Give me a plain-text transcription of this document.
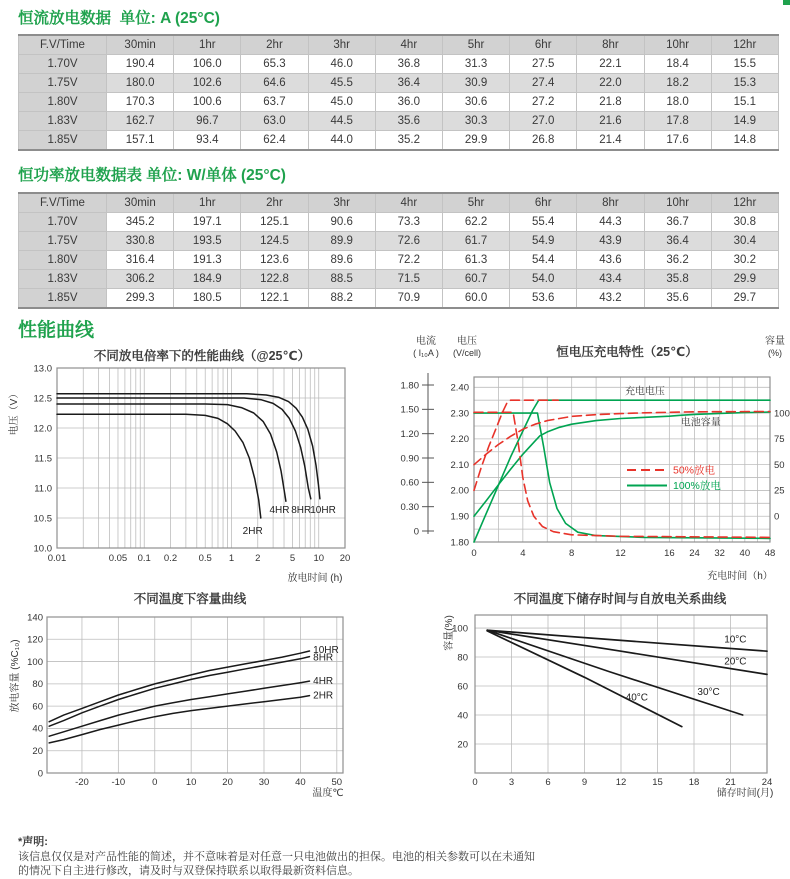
恒流放电数据  单位: A (25°C)
F.V/Time	30min	1hr	2hr	3hr	4hr	5hr	6hr	8hr	10hr	12hr
1.70V	190.4	106.0	65.3	46.0	36.8	31.3	27.5	22.1	18.4	15.5
1.75V	180.0	102.6	64.6	45.5	36.4	30.9	27.4	22.0	18.2	15.3
1.80V	170.3	100.6	63.7	45.0	36.0	30.6	27.2	21.8	18.0	15.1
1.83V	162.7	96.7	63.0	44.5	35.6	30.3	27.0	21.6	17.8	14.9
1.85V	157.1	93.4	62.4	44.0	35.2	29.9	26.8	21.4	17.6	14.8
恒功率放电数据表 单位: W/单体 (25°C)
F.V/Time	30min	1hr	2hr	3hr	4hr	5hr	6hr	8hr	10hr	12hr
1.70V	345.2	197.1	125.1	90.6	73.3	62.2	55.4	44.3	36.7	30.8
1.75V	330.8	193.5	124.5	89.9	72.6	61.7	54.9	43.9	36.4	30.4
1.80V	316.4	191.3	123.6	89.6	72.2	61.3	54.4	43.6	36.2	30.2
1.83V	306.2	184.9	122.8	88.5	71.5	60.7	54.0	43.4	35.8	29.9
1.85V	299.3	180.5	122.1	88.2	70.9	60.0	53.6	43.2	35.6	29.7
性能曲线
0.01	0.05 0.1 0.2 0.5 1 2	5 10 20
13.0
12.5
12.0
11.5
11.0
10.5
10.0
不同放电倍率下的性能曲线（@25℃）
放电时间 (h)
电压（V）
2HR
4HR 8HR 10HR
0	4	8	12	16 24 32 40 48
2.40
2.30
2.20
2.10
2.00
1.90
1.80
恒电压充电特性（25℃）
充电时间（h）
充电电压
电池容量
0
0.30
0.60
0.90
1.20
1.50
1.80
电流
( I₁₀A )
电压
(V/cell)
容量
(%)
100
75
50
25
0
50%放电
100%放电
-20 -10	0	10	20	30	40	50
140
120
100
80
60
40
20
0
不同温度下容量曲线
温度℃
放电容量 (%C₁₀)	10HR
8HR
4HR
2HR
0	3	6	9	12	15	18	21	24
100
80
60
40
20
不同温度下储存时间与自放电关系曲线
储存时间(月)
容量(%)	10°C
20°C
30°C
40°C
*声明:
该信息仅仅是对产品性能的简述，并不意味着是对任意一只电池做出的担保。电池的相关参数可以在未通知
的情况下自主进行修改，请及时与双登保持联系以取得最新资料信息。
